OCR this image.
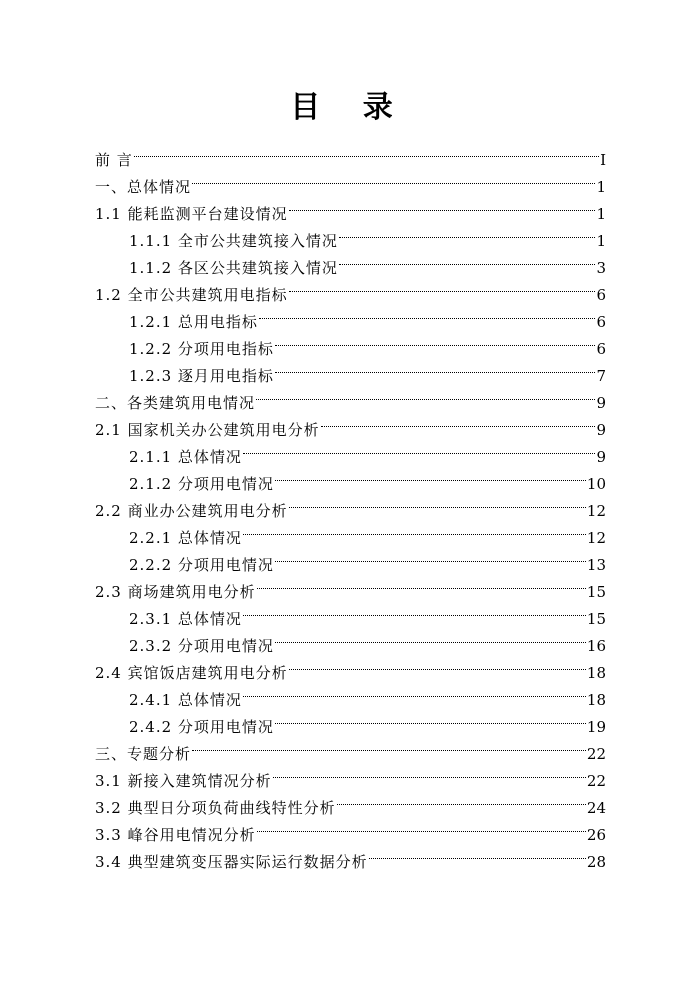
目 录
前 言	I
一、总体情况	1
1.1 能耗监测平台建设情况	1
1.1.1 全市公共建筑接入情况	1
1.1.2 各区公共建筑接入情况	3
1.2 全市公共建筑用电指标	6
1.2.1 总用电指标	6
1.2.2 分项用电指标	6
1.2.3 逐月用电指标	7
二、各类建筑用电情况	9
2.1 国家机关办公建筑用电分析	9
2.1.1 总体情况	9
2.1.2 分项用电情况	10
2.2 商业办公建筑用电分析	12
2.2.1 总体情况	12
2.2.2 分项用电情况	13
2.3 商场建筑用电分析	15
2.3.1 总体情况	15
2.3.2 分项用电情况	16
2.4 宾馆饭店建筑用电分析	18
2.4.1 总体情况	18
2.4.2 分项用电情况	19
三、专题分析	22
3.1 新接入建筑情况分析	22
3.2 典型日分项负荷曲线特性分析	24
3.3 峰谷用电情况分析	26
3.4 典型建筑变压器实际运行数据分析	28
